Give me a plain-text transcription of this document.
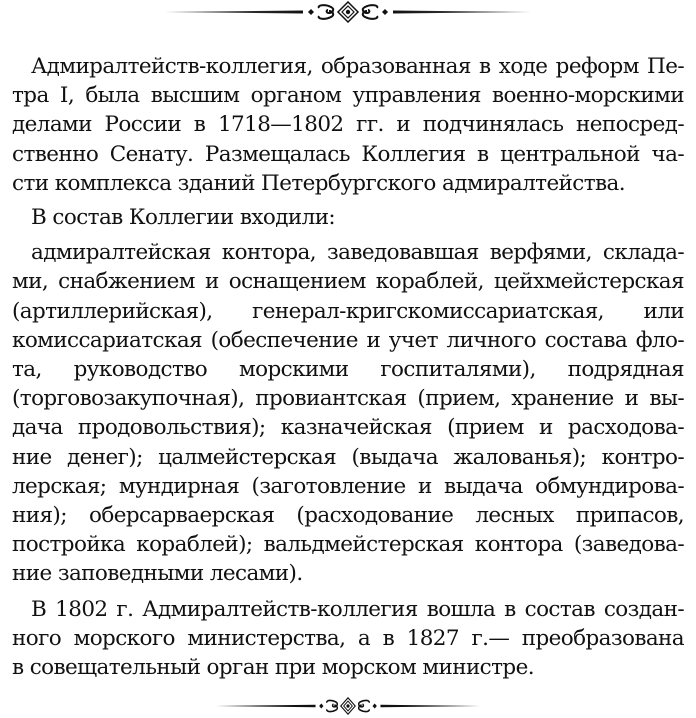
Адмиралтейств-коллегия, образованная в ходе реформ Пе-
тра I, была высшим органом управления военно-морскими
делами России в 1718—1802 гг. и подчинялась непосред-
ственно Сенату. Размещалась Коллегия в центральной ча-
сти комплекса зданий Петербургского адмиралтейства.
В состав Коллегии входили:
адмиралтейская контора, заведовавшая верфями, склада-
ми, снабжением и оснащением кораблей, цейхмейстерская
(артиллерийская), генерал-кригскомиссариатская, или
комиссариатская (обеспечение и учет личного состава фло-
та, руководство морскими госпиталями), подрядная
(торговозакупочная), провиантская (прием, хранение и вы-
дача продовольствия); казначейская (прием и расходова-
ние денег); цалмейстерская (выдача жалованья); контро-
лерская; мундирная (заготовление и выдача обмундирова-
ния); оберсарваерская (расходование лесных припасов,
постройка кораблей); вальдмейстерская контора (заведова-
ние заповедными лесами).
В 1802 г. Адмиралтейств-коллегия вошла в состав создан-
ного морского министерства, а в 1827 г.— преобразована
в совещательный орган при морском министре.
